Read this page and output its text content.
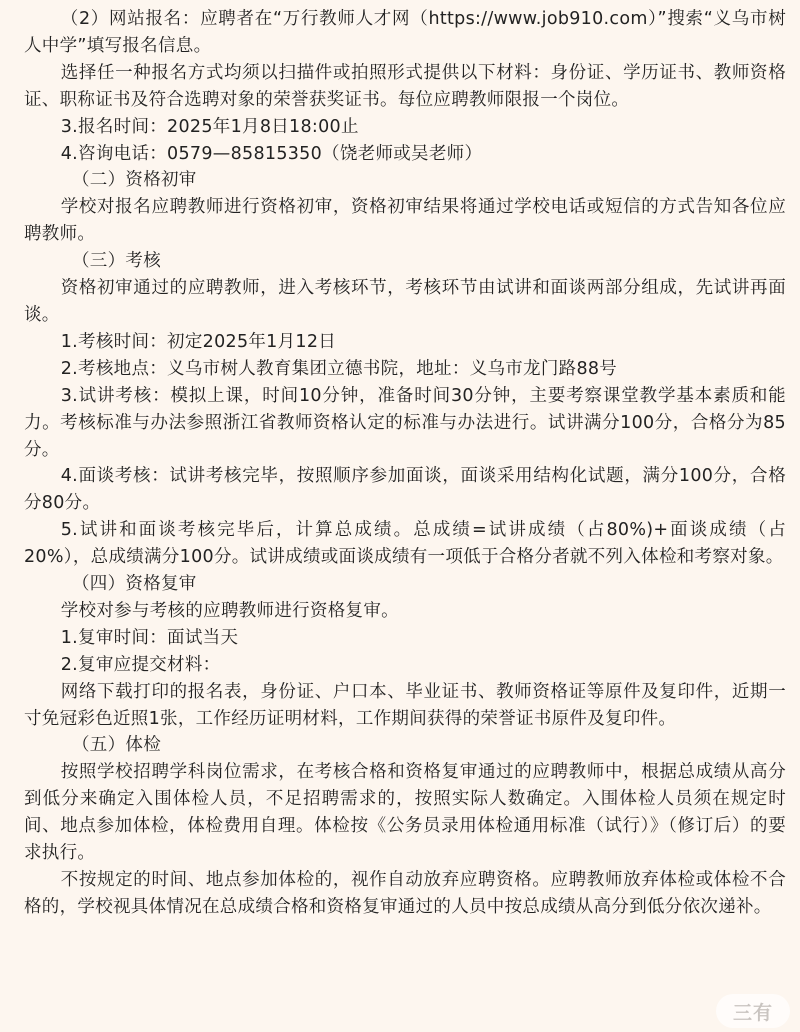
（2）网站报名：应聘者在“万行教师人才网（https://www.job910.com）”搜索“义乌市树人中学”填写报名信息。

选择任一种报名方式均须以扫描件或拍照形式提供以下材料：身份证、学历证书、教师资格证、职称证书及符合选聘对象的荣誉获奖证书。每位应聘教师限报一个岗位。

3.报名时间：2025年1月8日18:00止

4.咨询电话：0579—85815350（饶老师或吴老师）

（二）资格初审

学校对报名应聘教师进行资格初审，资格初审结果将通过学校电话或短信的方式告知各位应聘教师。

（三）考核

资格初审通过的应聘教师，进入考核环节，考核环节由试讲和面谈两部分组成，先试讲再面谈。

1.考核时间：初定2025年1月12日

2.考核地点：义乌市树人教育集团立德书院，地址：义乌市龙门路88号

3.试讲考核：模拟上课，时间10分钟，准备时间30分钟，主要考察课堂教学基本素质和能力。考核标准与办法参照浙江省教师资格认定的标准与办法进行。试讲满分100分，合格分为85分。

4.面谈考核：试讲考核完毕，按照顺序参加面谈，面谈采用结构化试题，满分100分，合格分80分。

5.试讲和面谈考核完毕后，计算总成绩。总成绩=试讲成绩（占80%)+面谈成绩（占20%），总成绩满分100分。试讲成绩或面谈成绩有一项低于合格分者就不列入体检和考察对象。

（四）资格复审

学校对参与考核的应聘教师进行资格复审。

1.复审时间：面试当天

2.复审应提交材料：

网络下载打印的报名表，身份证、户口本、毕业证书、教师资格证等原件及复印件，近期一寸免冠彩色近照1张，工作经历证明材料，工作期间获得的荣誉证书原件及复印件。

（五）体检

按照学校招聘学科岗位需求，在考核合格和资格复审通过的应聘教师中，根据总成绩从高分到低分来确定入围体检人员，不足招聘需求的，按照实际人数确定。入围体检人员须在规定时间、地点参加体检，体检费用自理。体检按《公务员录用体检通用标准（试行）》（修订后）的要求执行。

不按规定的时间、地点参加体检的，视作自动放弃应聘资格。应聘教师放弃体检或体检不合格的，学校视具体情况在总成绩合格和资格复审通过的人员中按总成绩从高分到低分依次递补。

三有
